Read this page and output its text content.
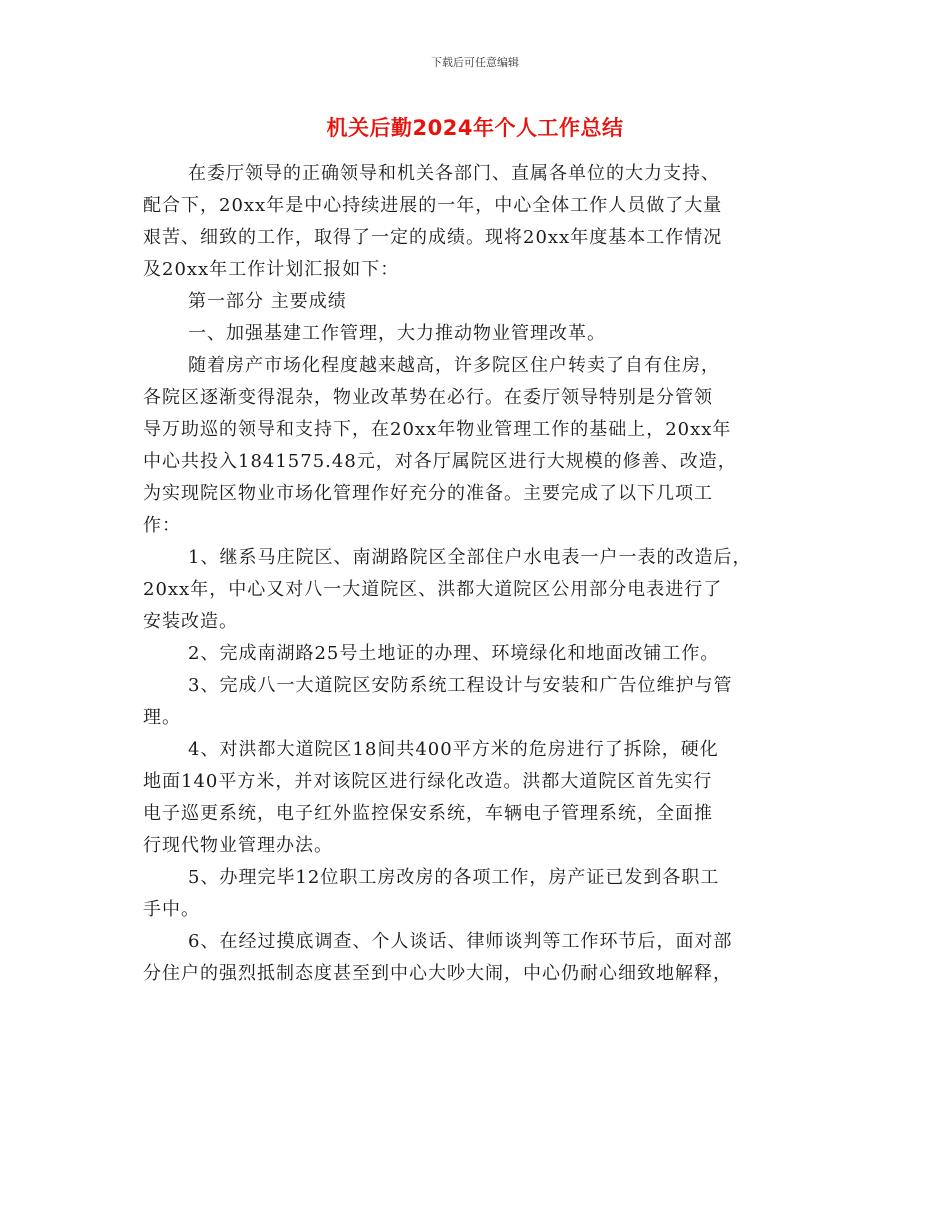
下载后可任意编辑
机关后勤2024年个人工作总结
在委厅领导的正确领导和机关各部门、直属各单位的大力支持、
配合下，20xx年是中心持续进展的一年，中心全体工作人员做了大量
艰苦、细致的工作，取得了一定的成绩。现将20xx年度基本工作情况
及20xx年工作计划汇报如下：
第一部分 主要成绩
一、加强基建工作管理，大力推动物业管理改革。
随着房产市场化程度越来越高，许多院区住户转卖了自有住房，
各院区逐渐变得混杂，物业改革势在必行。在委厅领导特别是分管领
导万助巡的领导和支持下，在20xx年物业管理工作的基础上，20xx年
中心共投入1841575.48元，对各厅属院区进行大规模的修善、改造，
为实现院区物业市场化管理作好充分的准备。主要完成了以下几项工
作：
1、继系马庄院区、南湖路院区全部住户水电表一户一表的改造后，
20xx年，中心又对八一大道院区、洪都大道院区公用部分电表进行了
安装改造。
2、完成南湖路25号土地证的办理、环境绿化和地面改铺工作。
3、完成八一大道院区安防系统工程设计与安装和广告位维护与管
理。
4、对洪都大道院区18间共400平方米的危房进行了拆除，硬化
地面140平方米，并对该院区进行绿化改造。洪都大道院区首先实行
电子巡更系统，电子红外监控保安系统，车辆电子管理系统，全面推
行现代物业管理办法。
5、办理完毕12位职工房改房的各项工作，房产证已发到各职工
手中。
6、在经过摸底调查、个人谈话、律师谈判等工作环节后，面对部
分住户的强烈抵制态度甚至到中心大吵大闹，中心仍耐心细致地解释，
